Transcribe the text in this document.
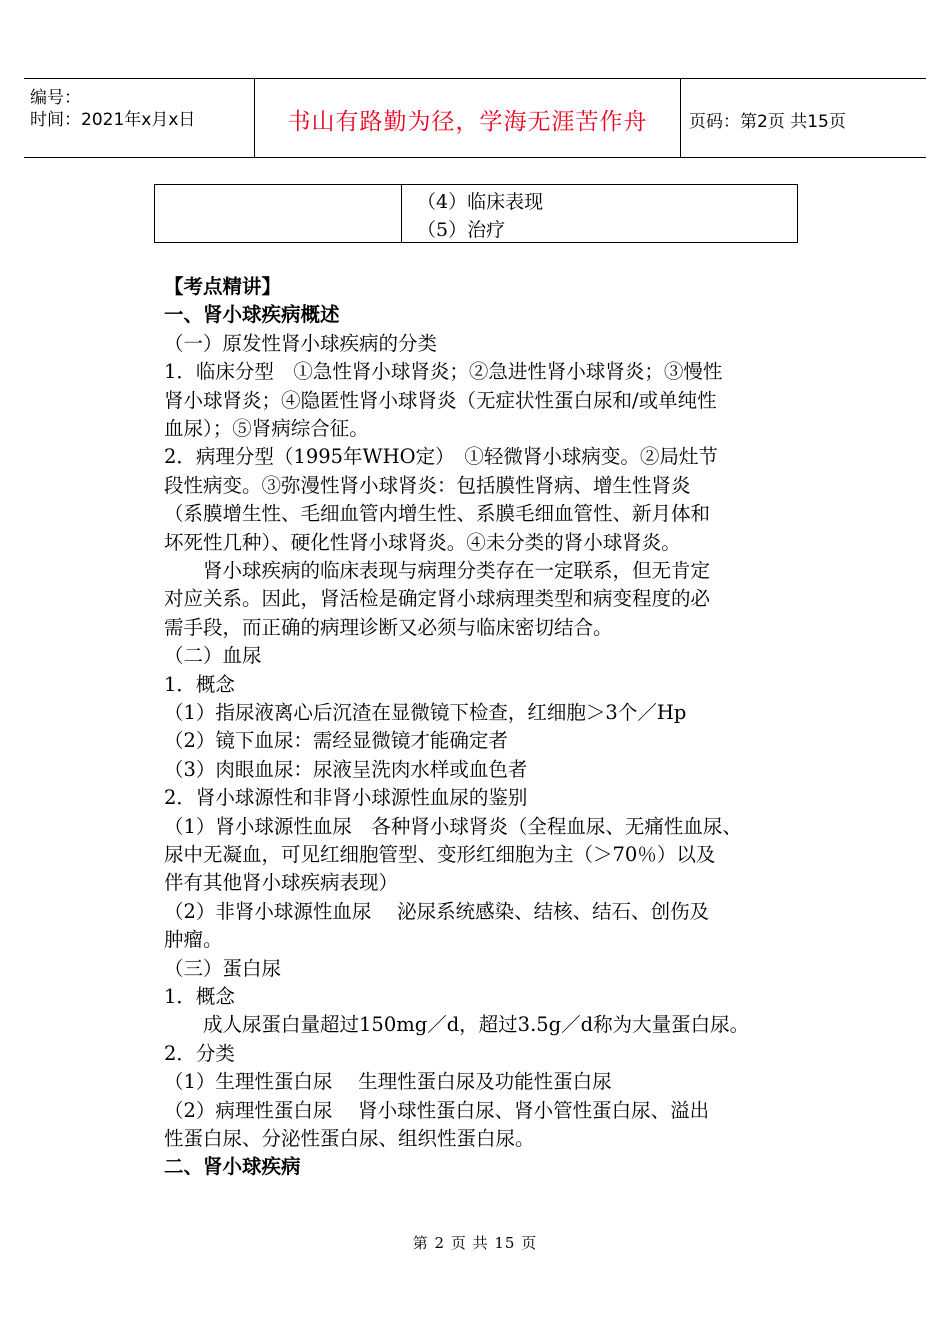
编号：
时间：2021年x月x日	书山有路勤为径，学海无涯苦作舟	页码：第2页 共15页
（4）临床表现
（5）治疗
【考点精讲】
一、肾小球疾病概述
（一）原发性肾小球疾病的分类
1．临床分型　①急性肾小球肾炎；②急进性肾小球肾炎；③慢性
肾小球肾炎；④隐匿性肾小球肾炎（无症状性蛋白尿和/或单纯性
血尿）；⑤肾病综合征。
2．病理分型（1995年WHO定）　①轻微肾小球病变。②局灶节
段性病变。③弥漫性肾小球肾炎：包括膜性肾病、增生性肾炎
（系膜增生性、毛细血管内增生性、系膜毛细血管性、新月体和
坏死性几种）、硬化性肾小球肾炎。④未分类的肾小球肾炎。
　　肾小球疾病的临床表现与病理分类存在一定联系，但无肯定
对应关系。因此，肾活检是确定肾小球病理类型和病变程度的必
需手段，而正确的病理诊断又必须与临床密切结合。
（二）血尿
1．概念
（1）指尿液离心后沉渣在显微镜下检查，红细胞＞3个／Hp
（2）镜下血尿：需经显微镜才能确定者
（3）肉眼血尿：尿液呈洗肉水样或血色者
2．肾小球源性和非肾小球源性血尿的鉴别
（1）肾小球源性血尿　各种肾小球肾炎（全程血尿、无痛性血尿、
尿中无凝血，可见红细胞管型、变形红细胞为主（＞70％）以及
伴有其他肾小球疾病表现）
（2）非肾小球源性血尿　 泌尿系统感染、结核、结石、创伤及
肿瘤。
（三）蛋白尿
1．概念
　　成人尿蛋白量超过150mg／d，超过3.5g／d称为大量蛋白尿。
2．分类
（1）生理性蛋白尿　 生理性蛋白尿及功能性蛋白尿
（2）病理性蛋白尿　 肾小球性蛋白尿、肾小管性蛋白尿、溢出
性蛋白尿、分泌性蛋白尿、组织性蛋白尿。
二、肾小球疾病
第 2 页 共 15 页
